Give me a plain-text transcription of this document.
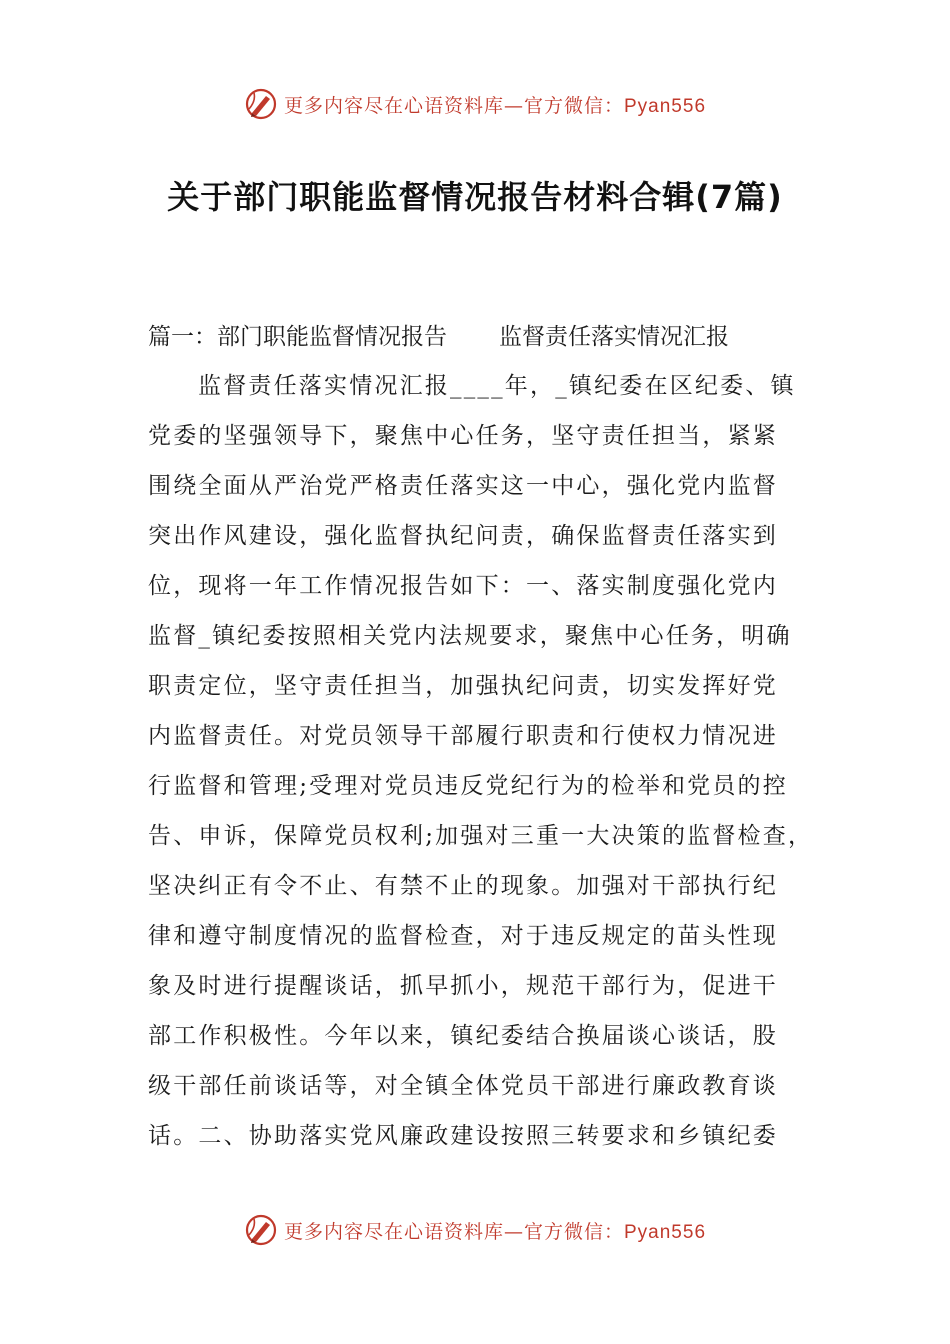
更多内容尽在心语资料库—官方微信：Pyan556
关于部门职能监督情况报告材料合辑(7篇)
篇一：部门职能监督情况报告 监督责任落实情况汇报
监督责任落实情况汇报____年，_镇纪委在区纪委、镇
党委的坚强领导下，聚焦中心任务，坚守责任担当，紧紧
围绕全面从严治党严格责任落实这一中心，强化党内监督
突出作风建设，强化监督执纪问责，确保监督责任落实到
位，现将一年工作情况报告如下：一、落实制度强化党内
监督_镇纪委按照相关党内法规要求，聚焦中心任务，明确
职责定位，坚守责任担当，加强执纪问责，切实发挥好党
内监督责任。对党员领导干部履行职责和行使权力情况进
行监督和管理;受理对党员违反党纪行为的检举和党员的控
告、申诉，保障党员权利;加强对三重一大决策的监督检查，
坚决纠正有令不止、有禁不止的现象。加强对干部执行纪
律和遵守制度情况的监督检查，对于违反规定的苗头性现
象及时进行提醒谈话，抓早抓小，规范干部行为，促进干
部工作积极性。今年以来，镇纪委结合换届谈心谈话，股
级干部任前谈话等，对全镇全体党员干部进行廉政教育谈
话。二、协助落实党风廉政建设按照三转要求和乡镇纪委
更多内容尽在心语资料库—官方微信：Pyan556
